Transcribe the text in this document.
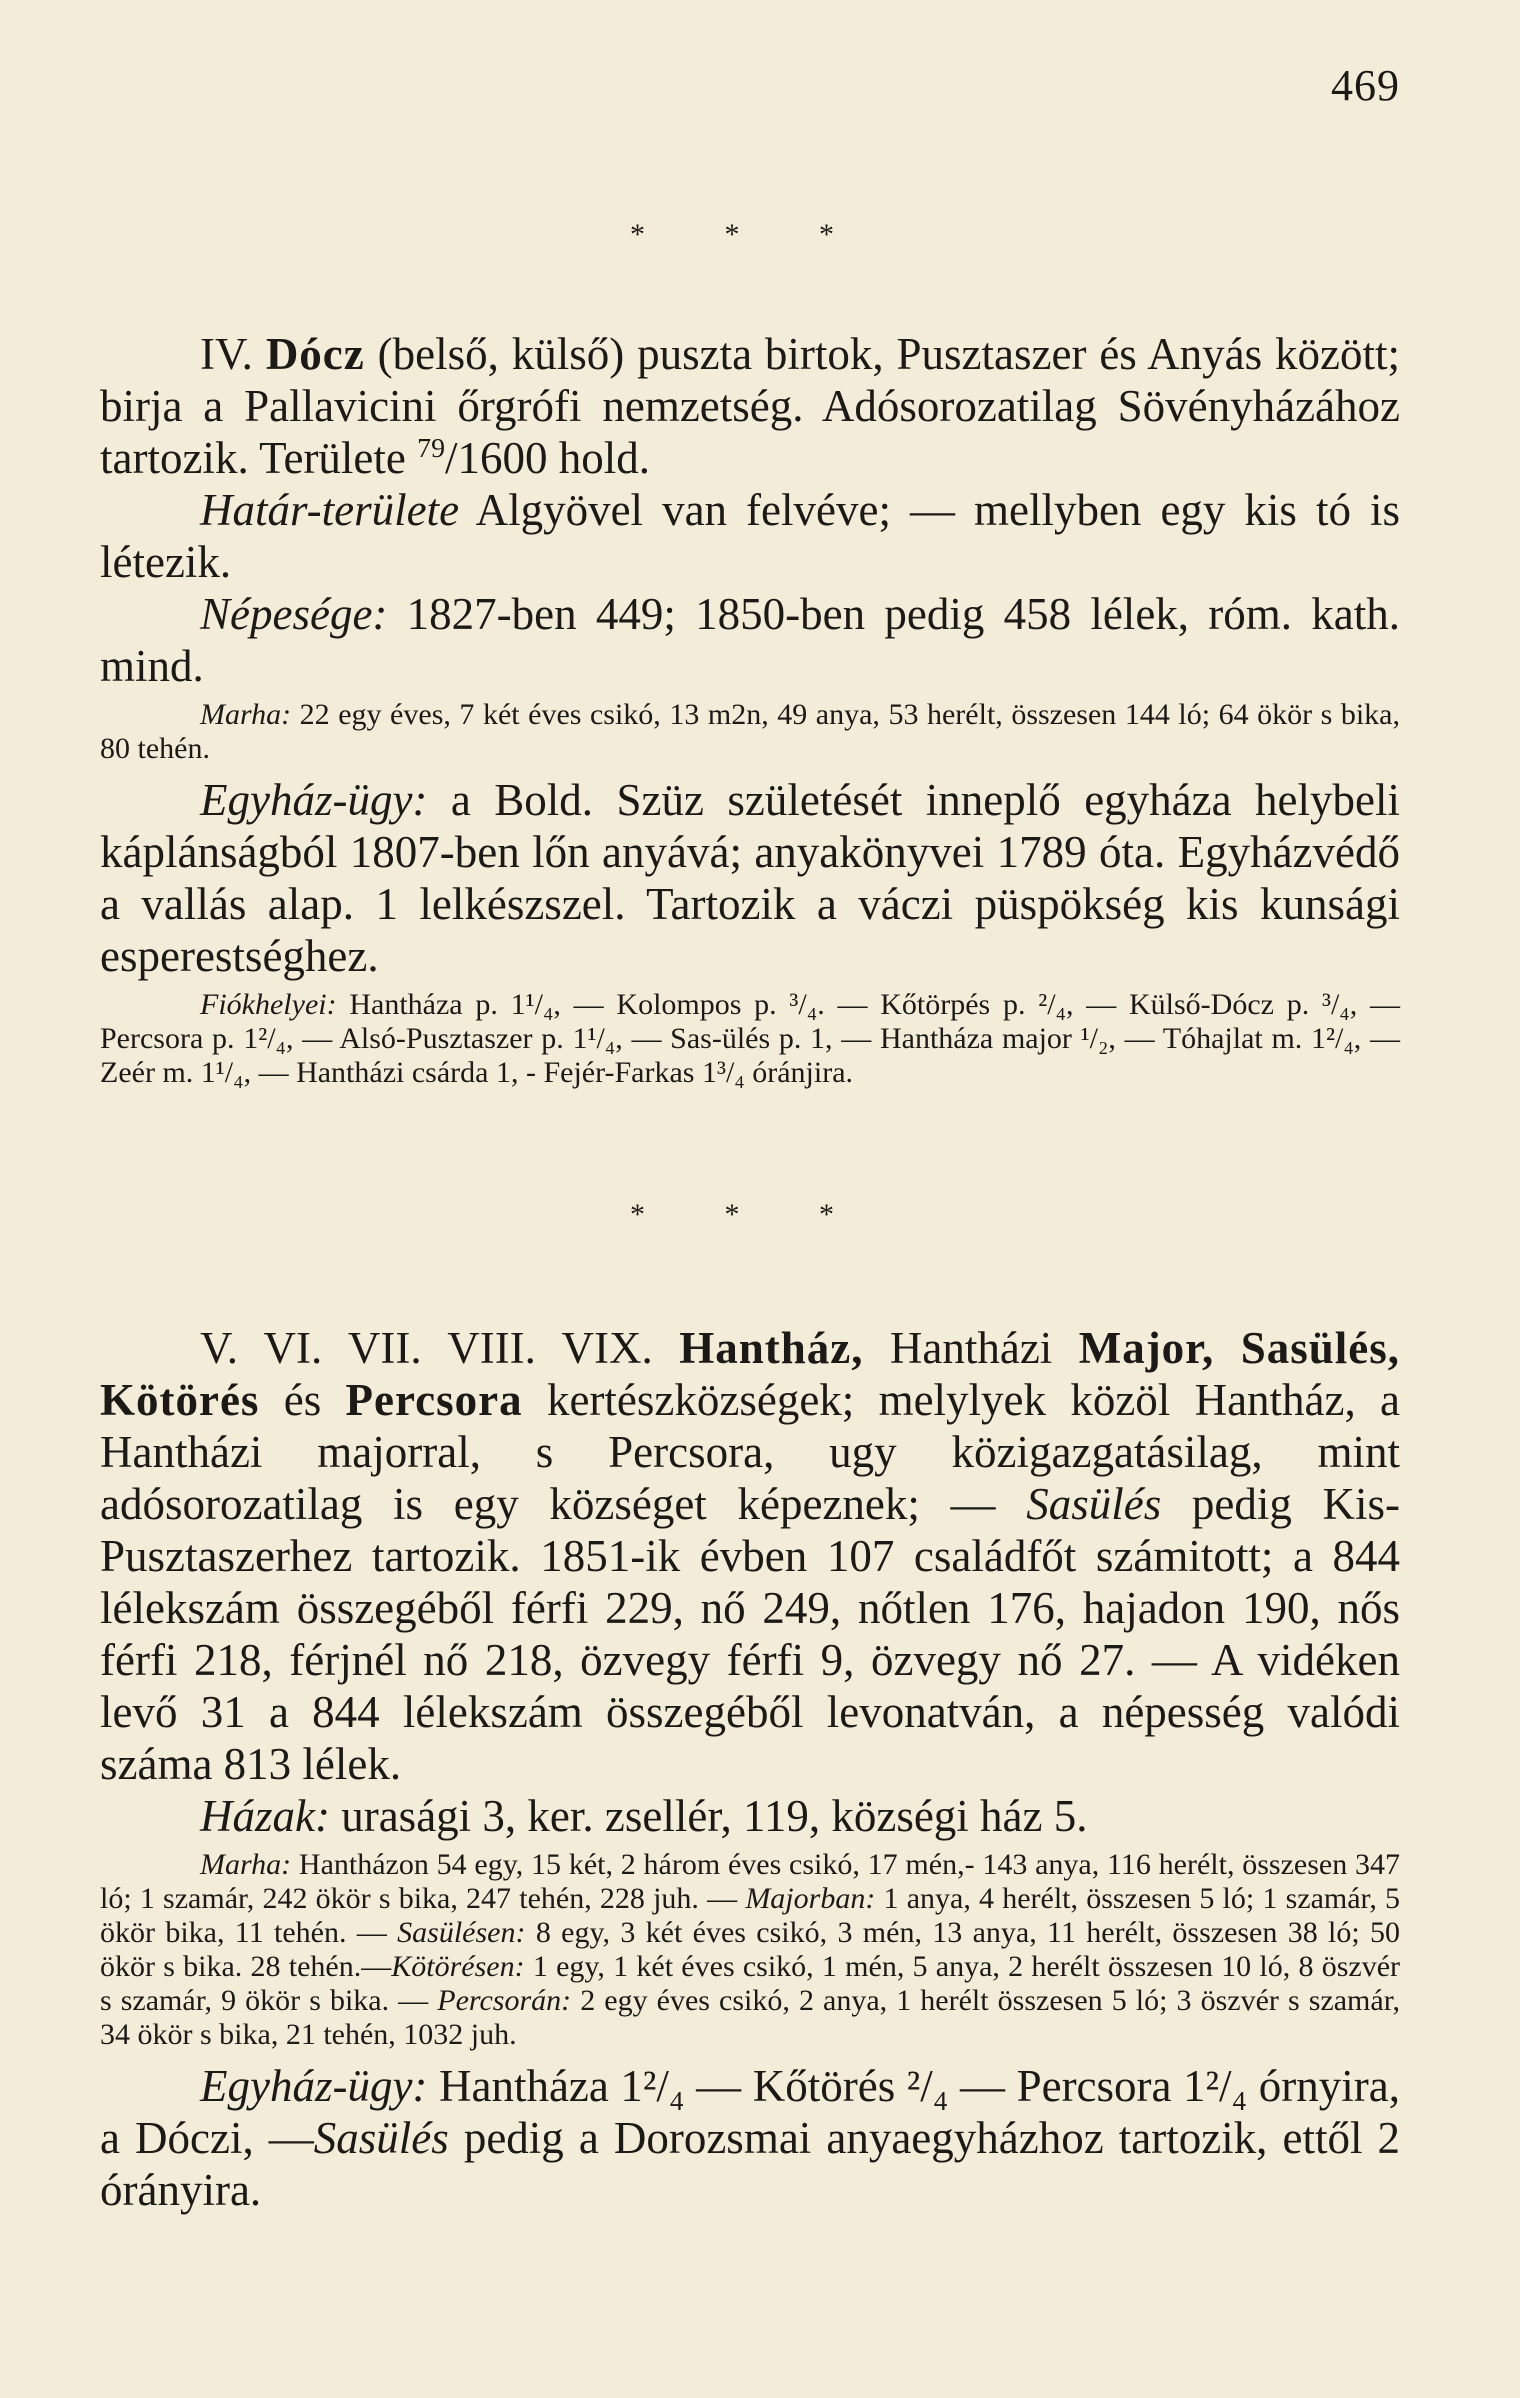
469
* * *

IV. Dócz (belső, külső) puszta birtok, Pusztaszer és Anyás között; birja a Pallavicini őrgrófi nemzetség. Adósorozatilag Sövényházához tartozik. Területe $^{79}$/1600 hold.

Határ-területe Algyövel van felvéve; — mellyben egy kis tó is létezik.

Népesége: 1827-ben 449; 1850-ben pedig 458 lélek, róm. kath. mind.

Marha: 22 egy éves, 7 két éves csikó, 13 m2n, 49 anya, 53 herélt, összesen 144 ló; 64 ökör s bika, 80 tehén.

Egyház-ügy: a Bold. Szüz születését inneplő egyháza helybeli káplánságból 1807-ben lőn anyává; anyakönyvei 1789 óta. Egyházvédő a vallás alap. 1 lelkészszel. Tartozik a váczi püspökség kis kunsági esperestséghez.

Fiókhelyei: Hantháza p. 1¹/₄, — Kolompos p. ³/₄. — Kőtörpés p. ²/₄, — Külső-Dócz p. ³/₄, — Percsora p. 1²/₄, — Alsó-Pusztaszer p. 1¹/₄, — Sas-ülés p. 1, — Hantháza major ¹/₂, — Tóhajlat m. 1²/₄, — Zeér m. 1¹/₄, — Hantházi csárda 1, - Fejér-Farkas 1³/₄ óránjira.

* * *

V. VI. VII. VIII. VIX. Hantház, Hantházi Major, Sasülés, Kötörés és Percsora kertészközségek; melylyek közöl Hantház, a Hantházi majorral, s Percsora, ugy közigazgatásilag, mint adósorozatilag is egy községet képeznek; — Sasülés pedig Kis-Pusztaszerhez tartozik. 1851-ik évben 107 családfőt számitott; a 844 lélekszám összegéből férfi 229, nő 249, nőtlen 176, hajadon 190, nős férfi 218, férjnél nő 218, özvegy férfi 9, özvegy nő 27. — A vidéken levő 31 a 844 lélekszám összegéből levonatván, a népesség valódi száma 813 lélek.

Házak: urasági 3, ker. zsellér, 119, községi ház 5.

Marha: Hantházon 54 egy, 15 két, 2 három éves csikó, 17 mén,- 143 anya, 116 herélt, összesen 347 ló; 1 szamár, 242 ökör s bika, 247 tehén, 228 juh. — Majorban: 1 anya, 4 herélt, összesen 5 ló; 1 szamár, 5 ökör bika, 11 tehén. — Sasülésen: 8 egy, 3 két éves csikó, 3 mén, 13 anya, 11 herélt, összesen 38 ló; 50 ökör s bika. 28 tehén.—Kötörésen: 1 egy, 1 két éves csikó, 1 mén, 5 anya, 2 herélt összesen 10 ló, 8 öszvér s szamár, 9 ökör s bika. — Percsorán: 2 egy éves csikó, 2 anya, 1 herélt összesen 5 ló; 3 öszvér s szamár, 34 ökör s bika, 21 tehén, 1032 juh.

Egyház-ügy: Hantháza 1²/₄ — Kőtörés ²/₄ — Percsora 1²/₄ órnyira, a Dóczi, —Sasülés pedig a Dorozsmai anyaegyházhoz tartozik, ettől 2 órányira.
